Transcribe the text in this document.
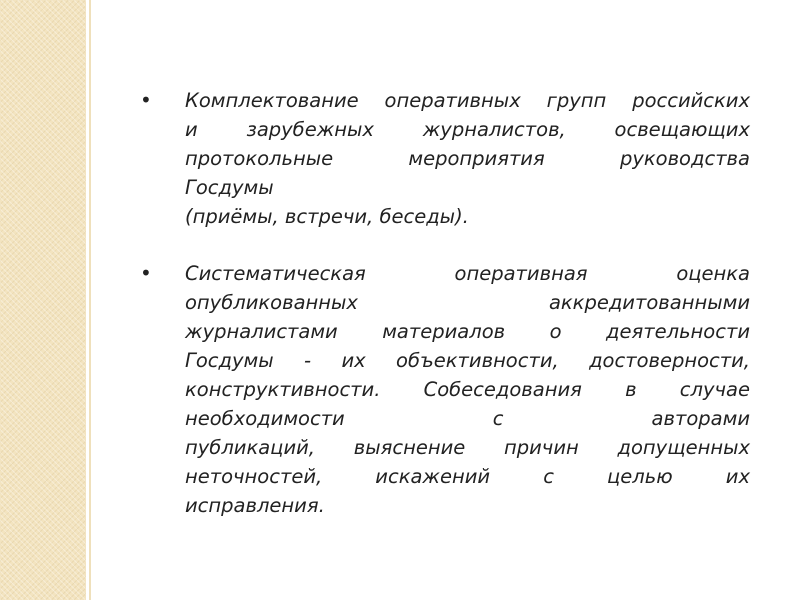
•	Комплектование оперативных групп российских
и зарубежных журналистов, освещающих
протокольные мероприятия руководства
Госдумы
(приёмы, встречи, беседы).
•	Систематическая оперативная оценка
опубликованных аккредитованными
журналистами материалов о деятельности
Госдумы - их объективности, достоверности,
конструктивности. Собеседования в случае
необходимости с авторами
публикаций, выяснение причин допущенных
неточностей, искажений с целью их
исправления.
